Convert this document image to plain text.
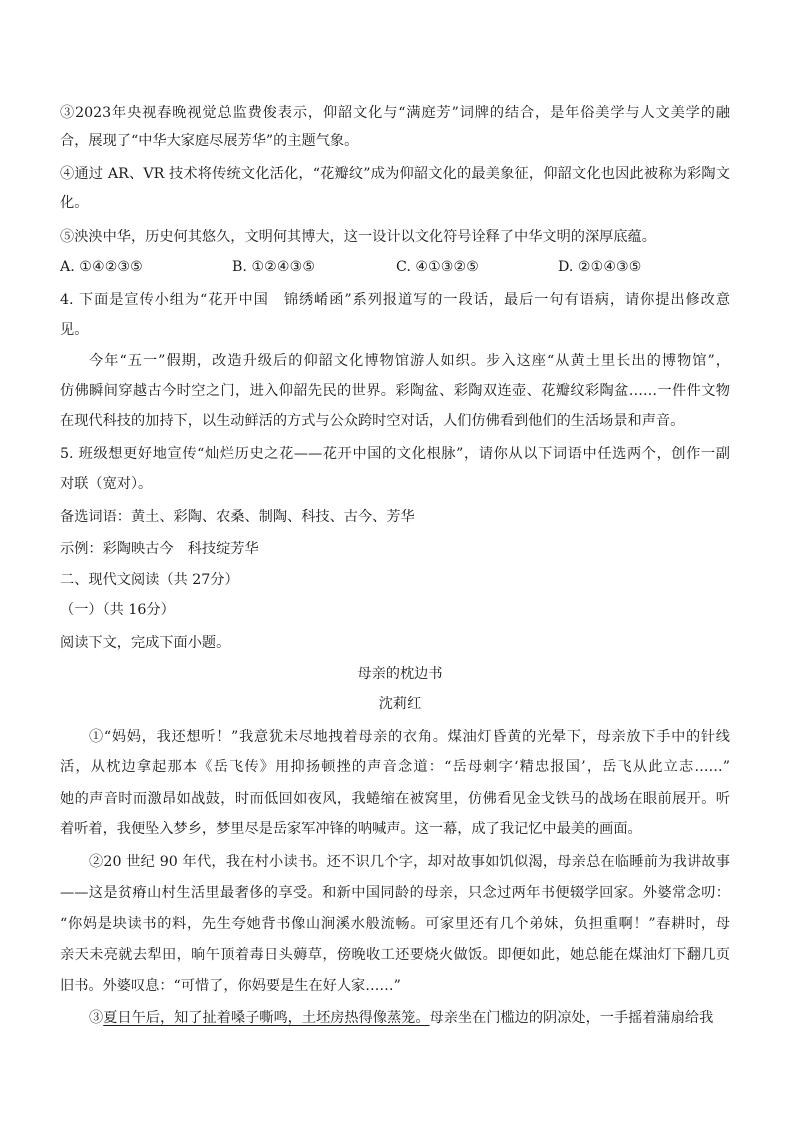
③2023年央视春晚视觉总监费俊表示，仰韶文化与“满庭芳”词牌的结合，是年俗美学与人文美学的融
合，展现了“中华大家庭尽展芳华”的主题气象。
④通过 AR、VR 技术将传统文化活化，“花瓣纹”成为仰韶文化的最美象征，仰韶文化也因此被称为彩陶文
化。
⑤泱泱中华，历史何其悠久，文明何其博大，这一设计以文化符号诠释了中华文明的深厚底蕴。
A. ①④②③⑤	B. ①②④③⑤	C. ④①③②⑤	D. ②①④③⑤
4. 下面是宣传小组为“花开中国　锦绣崤函”系列报道写的一段话，最后一句有语病，请你提出修改意
见。
今年“五一”假期，改造升级后的仰韶文化博物馆游人如织。步入这座“从黄土里长出的博物馆”，
仿佛瞬间穿越古今时空之门，进入仰韶先民的世界。彩陶盆、彩陶双连壶、花瓣纹彩陶盆……一件件文物
在现代科技的加持下，以生动鲜活的方式与公众跨时空对话，人们仿佛看到他们的生活场景和声音。
5. 班级想更好地宣传“灿烂历史之花——花开中国的文化根脉”，请你从以下词语中任选两个，创作一副
对联（宽对）。
备选词语：黄土、彩陶、农桑、制陶、科技、古今、芳华
示例：彩陶映古今　科技绽芳华
二、现代文阅读（共 27分）
（一）（共 16分）
阅读下文，完成下面小题。
母亲的枕边书
沈莉红
①“妈妈，我还想听！”我意犹未尽地拽着母亲的衣角。煤油灯昏黄的光晕下，母亲放下手中的针线
活，从枕边拿起那本《岳飞传》用抑扬顿挫的声音念道：“岳母刺字‘精忠报国’，岳飞从此立志……”
她的声音时而激昂如战鼓，时而低回如夜风，我蜷缩在被窝里，仿佛看见金戈铁马的战场在眼前展开。听
着听着，我便坠入梦乡，梦里尽是岳家军冲锋的呐喊声。这一幕，成了我记忆中最美的画面。
②20 世纪 90 年代，我在村小读书。还不识几个字，却对故事如饥似渴，母亲总在临睡前为我讲故事
——这是贫瘠山村生活里最奢侈的享受。和新中国同龄的母亲，只念过两年书便辍学回家。外婆常念叨：
“你妈是块读书的料，先生夸她背书像山涧溪水般流畅。可家里还有几个弟妹，负担重啊！”春耕时，母
亲天未亮就去犁田，晌午顶着毒日头薅草，傍晚收工还要烧火做饭。即便如此，她总能在煤油灯下翻几页
旧书。外婆叹息：“可惜了，你妈要是生在好人家……”
③夏日午后，知了扯着嗓子嘶鸣，土坯房热得像蒸笼。母亲坐在门槛边的阴凉处，一手摇着蒲扇给我
